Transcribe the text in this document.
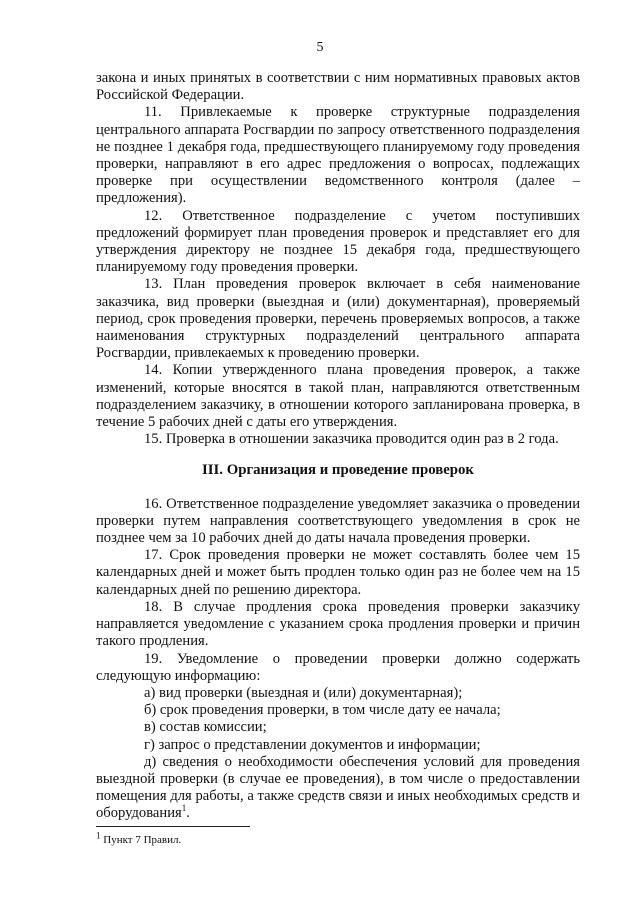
5

закона и иных принятых в соответствии с ним нормативных правовых актов Российской Федерации.

11. Привлекаемые к проверке структурные подразделения центрального аппарата Росгвардии по запросу ответственного подразделения не позднее 1 декабря года, предшествующего планируемому году проведения проверки, направляют в его адрес предложения о вопросах, подлежащих проверке при осуществлении ведомственного контроля (далее – предложения).

12. Ответственное подразделение с учетом поступивших предложений формирует план проведения проверок и представляет его для утверждения директору не позднее 15 декабря года, предшествующего планируемому году проведения проверки.

13. План проведения проверок включает в себя наименование заказчика, вид проверки (выездная и (или) документарная), проверяемый период, срок проведения проверки, перечень проверяемых вопросов, а также наименования структурных подразделений центрального аппарата Росгвардии, привлекаемых к проведению проверки.

14. Копии утвержденного плана проведения проверок, а также изменений, которые вносятся в такой план, направляются ответственным подразделением заказчику, в отношении которого запланирована проверка, в течение 5 рабочих дней с даты его утверждения.

15. Проверка в отношении заказчика проводится один раз в 2 года.

III. Организация и проведение проверок

16. Ответственное подразделение уведомляет заказчика о проведении проверки путем направления соответствующего уведомления в срок не позднее чем за 10 рабочих дней до даты начала проведения проверки.

17. Срок проведения проверки не может составлять более чем 15 календарных дней и может быть продлен только один раз не более чем на 15 календарных дней по решению директора.

18. В случае продления срока проведения проверки заказчику направляется уведомление с указанием срока продления проверки и причин такого продления.

19. Уведомление о проведении проверки должно содержать следующую информацию:

а) вид проверки (выездная и (или) документарная);

б) срок проведения проверки, в том числе дату ее начала;

в) состав комиссии;

г) запрос о представлении документов и информации;

д) сведения о необходимости обеспечения условий для проведения выездной проверки (в случае ее проведения), в том числе о предоставлении помещения для работы, а также средств связи и иных необходимых средств и оборудования$^1$.

$^1$ Пункт 7 Правил.
